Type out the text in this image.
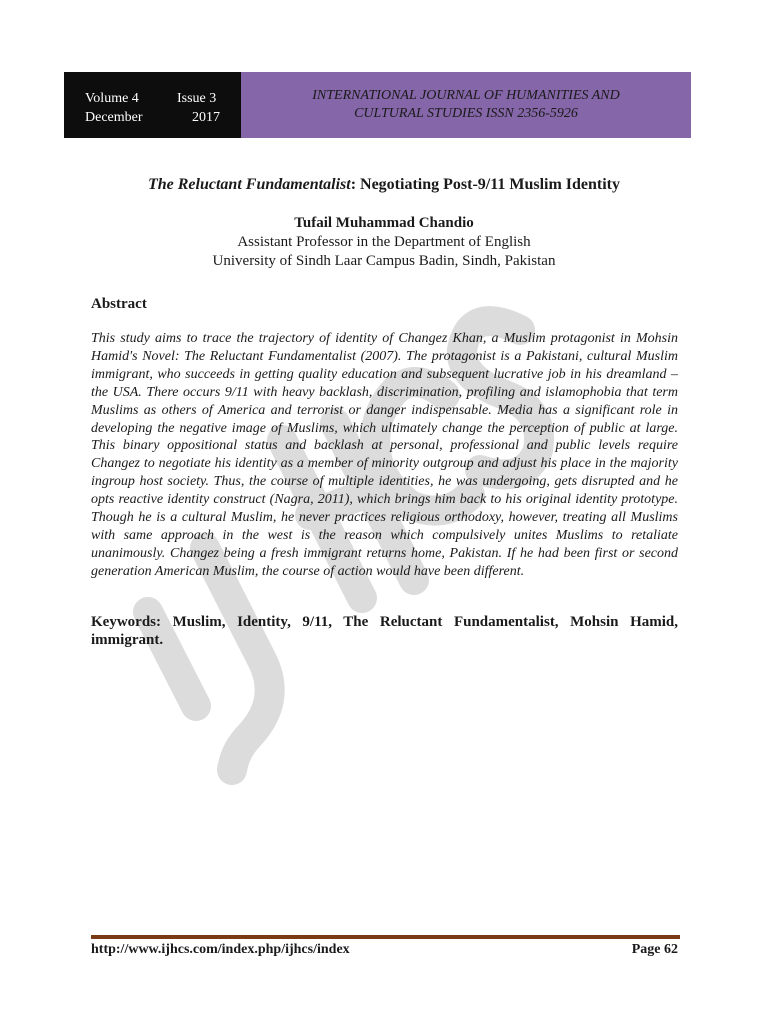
Volume 4	Issue 3
December	2017
INTERNATIONAL JOURNAL OF HUMANITIES AND
CULTURAL STUDIES ISSN 2356-5926
The Reluctant Fundamentalist: Negotiating Post-9/11 Muslim Identity
Tufail Muhammad Chandio
Assistant Professor in the Department of English
University of Sindh Laar Campus Badin, Sindh, Pakistan
Abstract
This study aims to trace the trajectory of identity of Changez Khan, a Muslim protagonist in Mohsin Hamid's Novel: The Reluctant Fundamentalist (2007). The protagonist is a Pakistani, cultural Muslim immigrant, who succeeds in getting quality education and subsequent lucrative job in his dreamland – the USA. There occurs 9/11 with heavy backlash, discrimination, profiling and islamophobia that term Muslims as others of America and terrorist or danger indispensable. Media has a significant role in developing the negative image of Muslims, which ultimately change the perception of public at large. This binary oppositional status and backlash at personal, professional and public levels require Changez to negotiate his identity as a member of minority outgroup and adjust his place in the majority ingroup host society. Thus, the course of multiple identities, he was undergoing, gets disrupted and he opts reactive identity construct (Nagra, 2011), which brings him back to his original identity prototype. Though he is a cultural Muslim, he never practices religious orthodoxy, however, treating all Muslims with same approach in the west is the reason which compulsively unites Muslims to retaliate unanimously. Changez being a fresh immigrant returns home, Pakistan. If he had been first or second generation American Muslim, the course of action would have been different.
Keywords: Muslim, Identity, 9/11, The Reluctant Fundamentalist, Mohsin Hamid, immigrant.
http://www.ijhcs.com/index.php/ijhcs/index	Page 62
